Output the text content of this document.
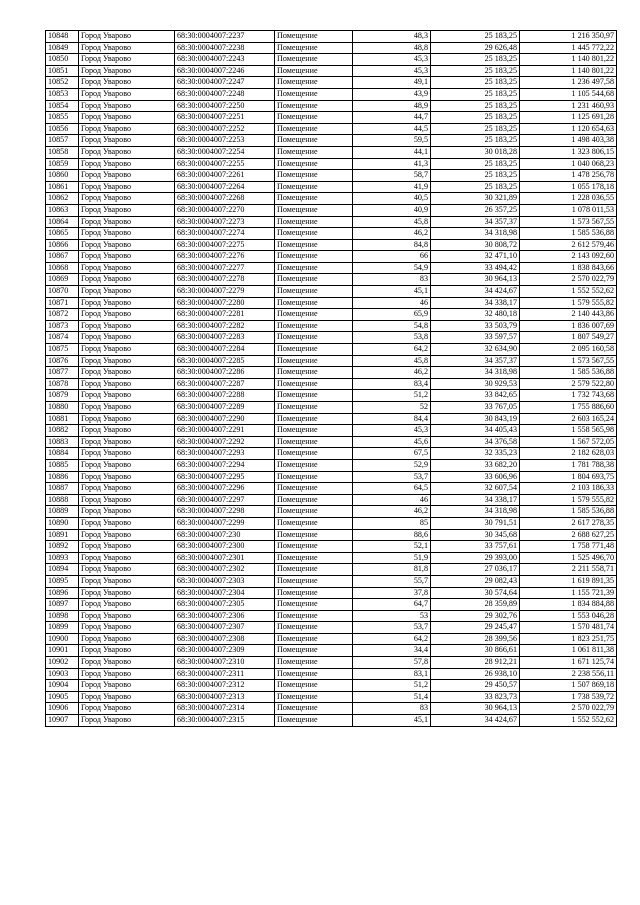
10848	Город Уварово	68:30:0004007:2237	Помещение	48,3	25 183,25	1 216 350,97
10849	Город Уварово	68:30:0004007:2238	Помещение	48,8	29 626,48	1 445 772,22
10850	Город Уварово	68:30:0004007:2243	Помещение	45,3	25 183,25	1 140 801,22
10851	Город Уварово	68:30:0004007:2246	Помещение	45,3	25 183,25	1 140 801,22
10852	Город Уварово	68:30:0004007:2247	Помещение	49,1	25 183,25	1 236 497,58
10853	Город Уварово	68:30:0004007:2248	Помещение	43,9	25 183,25	1 105 544,68
10854	Город Уварово	68:30:0004007:2250	Помещение	48,9	25 183,25	1 231 460,93
10855	Город Уварово	68:30:0004007:2251	Помещение	44,7	25 183,25	1 125 691,28
10856	Город Уварово	68:30:0004007:2252	Помещение	44,5	25 183,25	1 120 654,63
10857	Город Уварово	68:30:0004007:2253	Помещение	59,5	25 183,25	1 498 403,38
10858	Город Уварово	68:30:0004007:2254	Помещение	44,1	30 018,28	1 323 806,15
10859	Город Уварово	68:30:0004007:2255	Помещение	41,3	25 183,25	1 040 068,23
10860	Город Уварово	68:30:0004007:2261	Помещение	58,7	25 183,25	1 478 256,78
10861	Город Уварово	68:30:0004007:2264	Помещение	41,9	25 183,25	1 055 178,18
10862	Город Уварово	68:30:0004007:2268	Помещение	40,5	30 321,89	1 228 036,55
10863	Город Уварово	68:30:0004007:2270	Помещение	40,9	26 357,25	1 078 011,53
10864	Город Уварово	68:30:0004007:2273	Помещение	45,8	34 357,37	1 573 567,55
10865	Город Уварово	68:30:0004007:2274	Помещение	46,2	34 318,98	1 585 536,88
10866	Город Уварово	68:30:0004007:2275	Помещение	84,8	30 808,72	2 612 579,46
10867	Город Уварово	68:30:0004007:2276	Помещение	66	32 471,10	2 143 092,60
10868	Город Уварово	68:30:0004007:2277	Помещение	54,9	33 494,42	1 838 843,66
10869	Город Уварово	68:30:0004007:2278	Помещение	83	30 964,13	2 570 022,79
10870	Город Уварово	68:30:0004007:2279	Помещение	45,1	34 424,67	1 552 552,62
10871	Город Уварово	68:30:0004007:2280	Помещение	46	34 338,17	1 579 555,82
10872	Город Уварово	68:30:0004007:2281	Помещение	65,9	32 480,18	2 140 443,86
10873	Город Уварово	68:30:0004007:2282	Помещение	54,8	33 503,79	1 836 007,69
10874	Город Уварово	68:30:0004007:2283	Помещение	53,8	33 597,57	1 807 549,27
10875	Город Уварово	68:30:0004007:2284	Помещение	64,2	32 634,90	2 095 160,58
10876	Город Уварово	68:30:0004007:2285	Помещение	45,8	34 357,37	1 573 567,55
10877	Город Уварово	68:30:0004007:2286	Помещение	46,2	34 318,98	1 585 536,88
10878	Город Уварово	68:30:0004007:2287	Помещение	83,4	30 929,53	2 579 522,80
10879	Город Уварово	68:30:0004007:2288	Помещение	51,2	33 842,65	1 732 743,68
10880	Город Уварово	68:30:0004007:2289	Помещение	52	33 767,05	1 755 886,60
10881	Город Уварово	68:30:0004007:2290	Помещение	84,4	30 843,19	2 603 165,24
10882	Город Уварово	68:30:0004007:2291	Помещение	45,3	34 405,43	1 558 565,98
10883	Город Уварово	68:30:0004007:2292	Помещение	45,6	34 376,58	1 567 572,05
10884	Город Уварово	68:30:0004007:2293	Помещение	67,5	32 335,23	2 182 628,03
10885	Город Уварово	68:30:0004007:2294	Помещение	52,9	33 682,20	1 781 788,38
10886	Город Уварово	68:30:0004007:2295	Помещение	53,7	33 606,96	1 804 693,75
10887	Город Уварово	68:30:0004007:2296	Помещение	64,5	32 607,54	2 103 186,33
10888	Город Уварово	68:30:0004007:2297	Помещение	46	34 338,17	1 579 555,82
10889	Город Уварово	68:30:0004007:2298	Помещение	46,2	34 318,98	1 585 536,88
10890	Город Уварово	68:30:0004007:2299	Помещение	85	30 791,51	2 617 278,35
10891	Город Уварово	68:30:0004007:230	Помещение	88,6	30 345,68	2 688 627,25
10892	Город Уварово	68:30:0004007:2300	Помещение	52,1	33 757,61	1 758 771,48
10893	Город Уварово	68:30:0004007:2301	Помещение	51,9	29 393,00	1 525 496,70
10894	Город Уварово	68:30:0004007:2302	Помещение	81,8	27 036,17	2 211 558,71
10895	Город Уварово	68:30:0004007:2303	Помещение	55,7	29 082,43	1 619 891,35
10896	Город Уварово	68:30:0004007:2304	Помещение	37,8	30 574,64	1 155 721,39
10897	Город Уварово	68:30:0004007:2305	Помещение	64,7	28 359,89	1 834 884,88
10898	Город Уварово	68:30:0004007:2306	Помещение	53	29 302,76	1 553 046,28
10899	Город Уварово	68:30:0004007:2307	Помещение	53,7	29 245,47	1 570 481,74
10900	Город Уварово	68:30:0004007:2308	Помещение	64,2	28 399,56	1 823 251,75
10901	Город Уварово	68:30:0004007:2309	Помещение	34,4	30 866,61	1 061 811,38
10902	Город Уварово	68:30:0004007:2310	Помещение	57,8	28 912,21	1 671 125,74
10903	Город Уварово	68:30:0004007:2311	Помещение	83,1	26 938,10	2 238 556,11
10904	Город Уварово	68:30:0004007:2312	Помещение	51,2	29 450,57	1 507 869,18
10905	Город Уварово	68:30:0004007:2313	Помещение	51,4	33 823,73	1 738 539,72
10906	Город Уварово	68:30:0004007:2314	Помещение	83	30 964,13	2 570 022,79
10907	Город Уварово	68:30:0004007:2315	Помещение	45,1	34 424,67	1 552 552,62
